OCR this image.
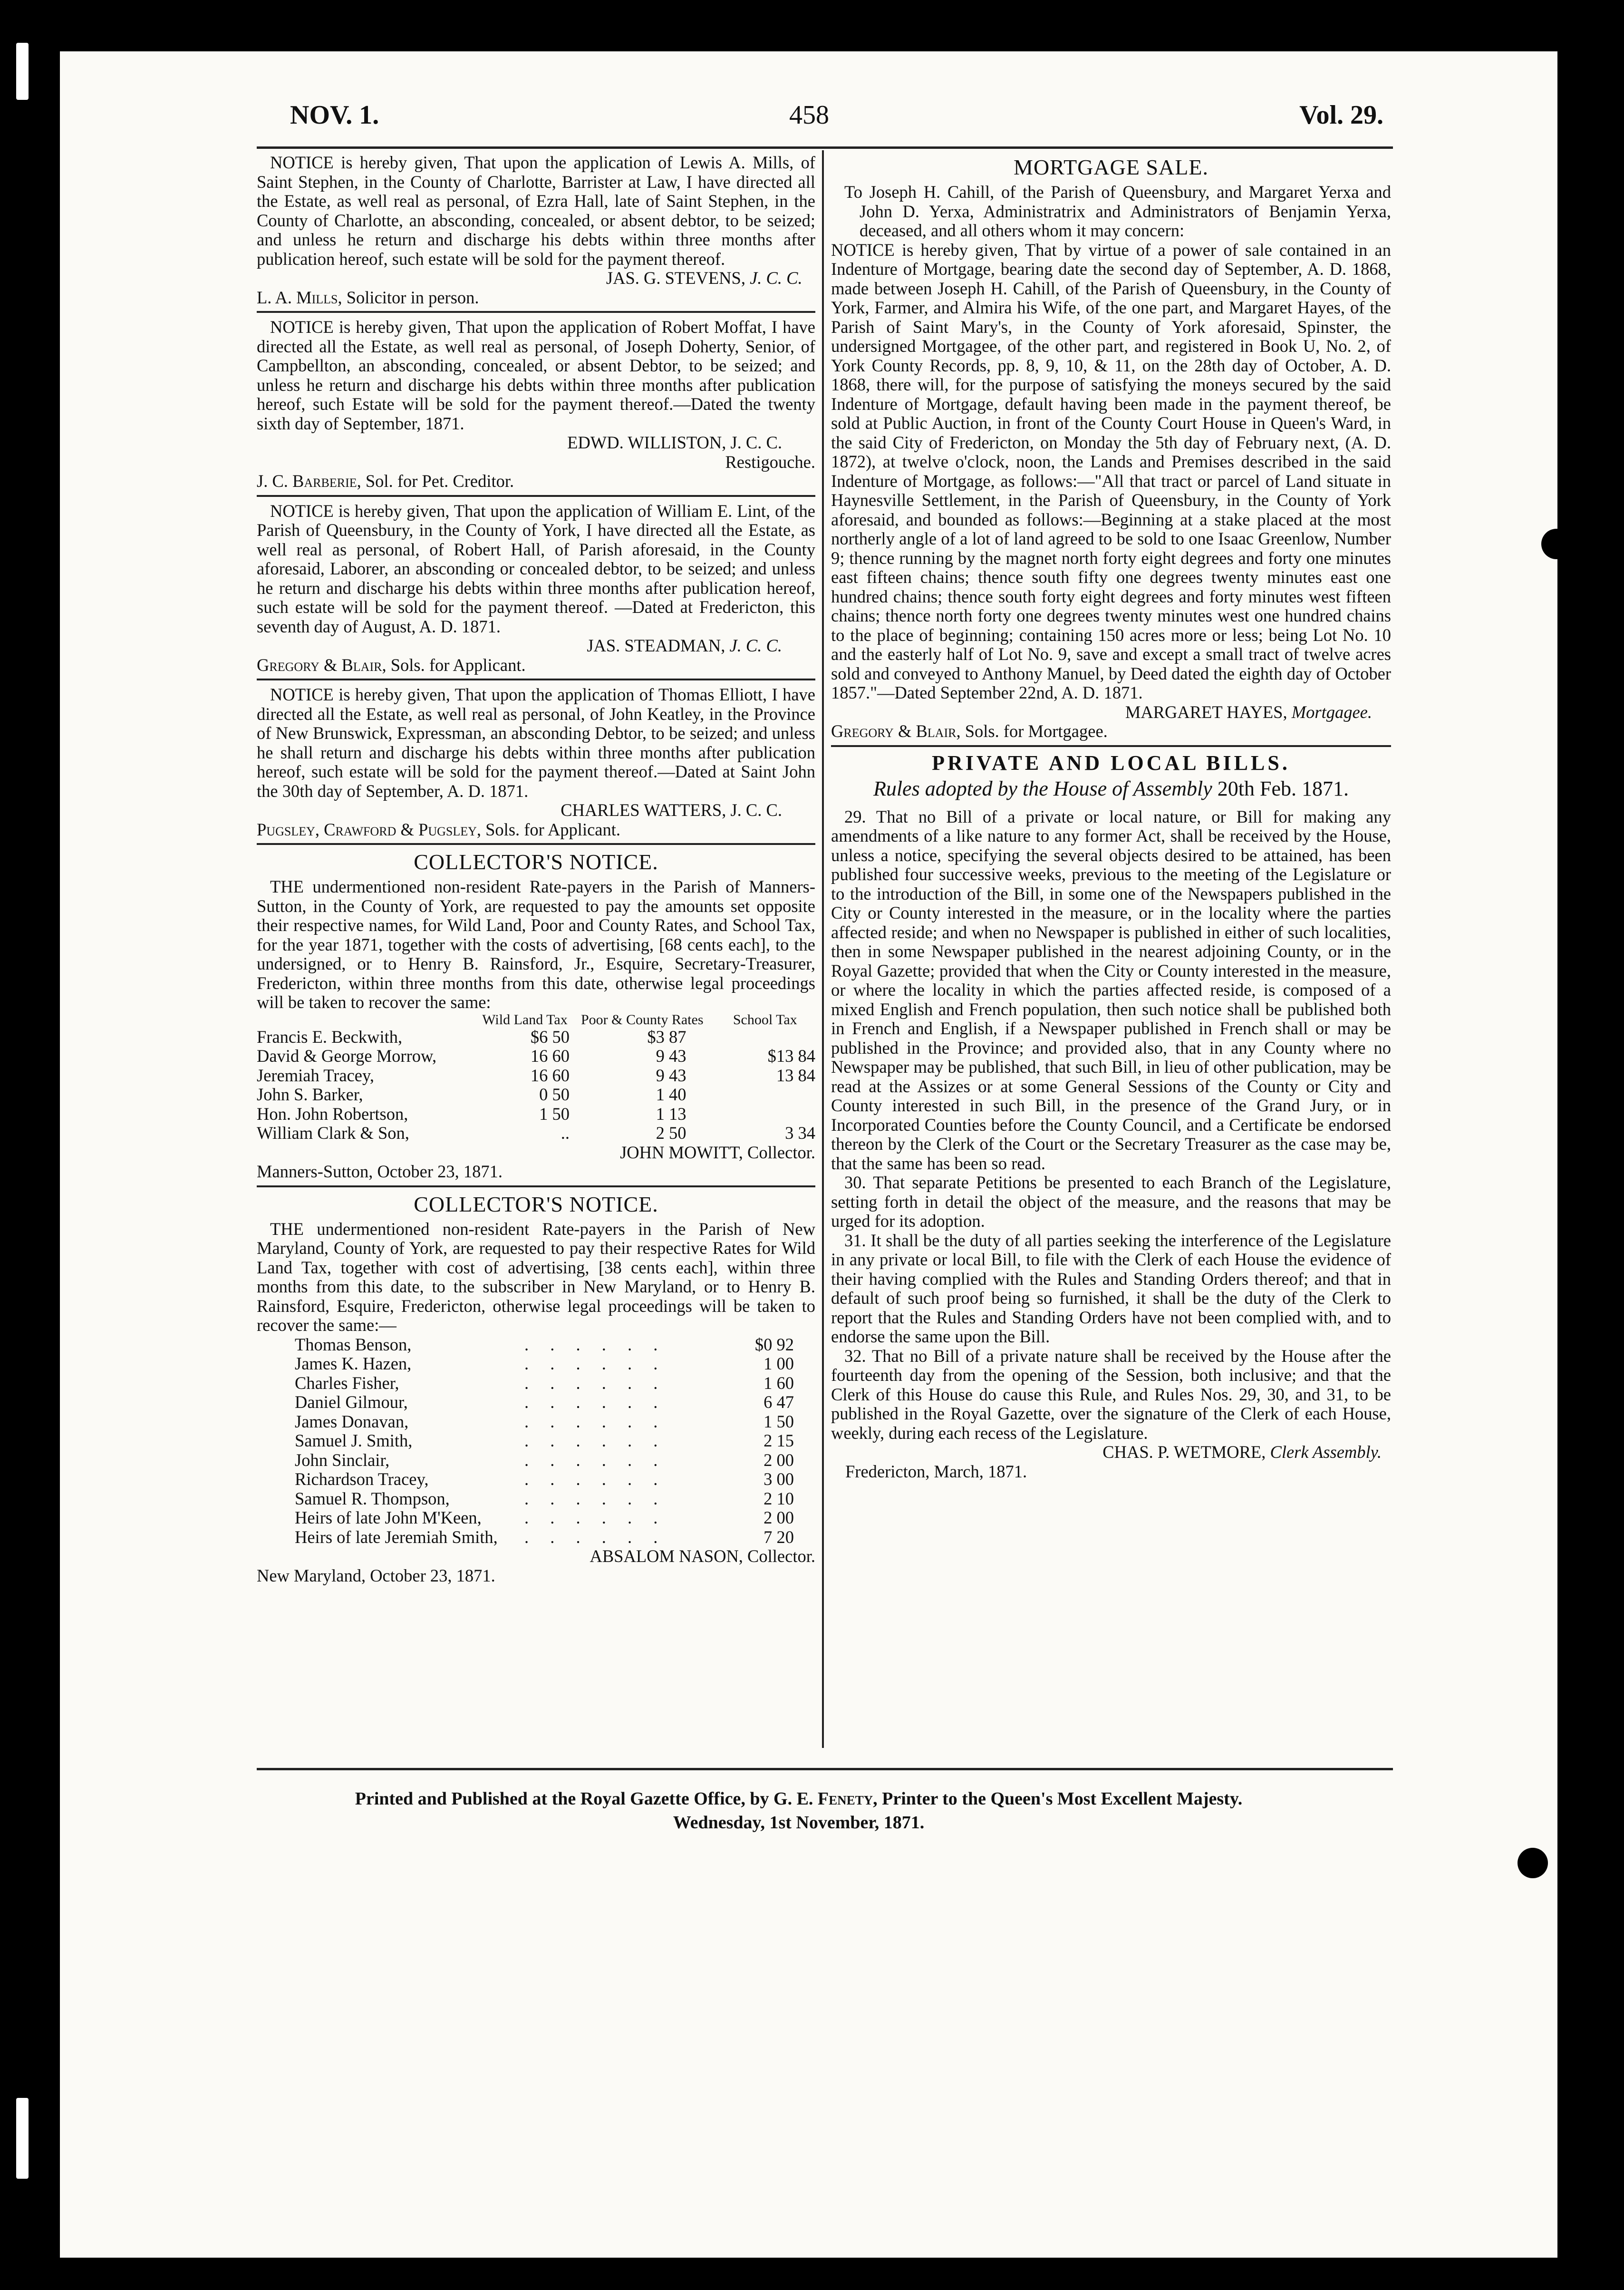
NOV. 1.	458	Vol. 29.

NOTICE is hereby given, That upon the application of Lewis A. Mills, of Saint Stephen, in the County of Charlotte, Barrister at Law, I have directed all the Estate, as well real as personal, of Ezra Hall, late of Saint Stephen, in the County of Charlotte, an absconding, concealed, or absent debtor, to be seized; and unless he return and discharge his debts within three months after publication hereof, such estate will be sold for the payment thereof.

JAS. G. STEVENS, J. C. C.

L. A. Mills, Solicitor in person.

NOTICE is hereby given, That upon the application of Robert Moffat, I have directed all the Estate, as well real as personal, of Joseph Doherty, Senior, of Campbellton, an absconding, concealed, or absent Debtor, to be seized; and unless he return and discharge his debts within three months after publication hereof, such Estate will be sold for the payment thereof.—Dated the twenty sixth day of September, 1871.

EDWD. WILLISTON, J. C. C.

Restigouche.

J. C. Barberie, Sol. for Pet. Creditor.

NOTICE is hereby given, That upon the application of William E. Lint, of the Parish of Queensbury, in the County of York, I have directed all the Estate, as well real as personal, of Robert Hall, of Parish aforesaid, in the County aforesaid, Laborer, an absconding or concealed debtor, to be seized; and unless he return and discharge his debts within three months after publication hereof, such estate will be sold for the payment thereof. —Dated at Fredericton, this seventh day of August, A. D. 1871.

JAS. STEADMAN, J. C. C.

Gregory & Blair, Sols. for Applicant.

NOTICE is hereby given, That upon the application of Thomas Elliott, I have directed all the Estate, as well real as personal, of John Keatley, in the Province of New Brunswick, Expressman, an absconding Debtor, to be seized; and unless he shall return and discharge his debts within three months after publication hereof, such estate will be sold for the payment thereof.—Dated at Saint John the 30th day of September, A. D. 1871.

CHARLES WATTERS, J. C. C.

Pugsley, Crawford & Pugsley, Sols. for Applicant.

COLLECTOR'S NOTICE.

THE undermentioned non-resident Rate-payers in the Parish of Manners-Sutton, in the County of York, are requested to pay the amounts set opposite their respective names, for Wild Land, Poor and County Rates, and School Tax, for the year 1871, together with the costs of advertising, [68 cents each], to the undersigned, or to Henry B. Rainsford, Jr., Esquire, Secretary-Treasurer, Fredericton, within three months from this date, otherwise legal proceedings will be taken to recover the same:

	Wild Land Tax	Poor & County Rates	School Tax
Francis E. Beckwith,	$6 50	$3 87	
David & George Morrow,	16 60	9 43	$13 84
Jeremiah Tracey,	16 60	9 43	13 84
John S. Barker,	0 50	1 40	
Hon. John Robertson,	1 50	1 13	
William Clark & Son,	..	2 50	3 34

JOHN MOWITT, Collector.

Manners-Sutton, October 23, 1871.

COLLECTOR'S NOTICE.

THE undermentioned non-resident Rate-payers in the Parish of New Maryland, County of York, are requested to pay their respective Rates for Wild Land Tax, together with cost of advertising, [38 cents each], within three months from this date, to the subscriber in New Maryland, or to Henry B. Rainsford, Esquire, Fredericton, otherwise legal proceedings will be taken to recover the same:—

Thomas Benson,	. . . . . .	$0 92
James K. Hazen,	. . . . . .	1 00
Charles Fisher,	. . . . . .	1 60
Daniel Gilmour,	. . . . . .	6 47
James Donavan,	. . . . . .	1 50
Samuel J. Smith,	. . . . . .	2 15
John Sinclair,	. . . . . .	2 00
Richardson Tracey,	. . . . . .	3 00
Samuel R. Thompson,	. . . . . .	2 10
Heirs of late John M'Keen,	. . . . . .	2 00
Heirs of late Jeremiah Smith,	. . . . . .	7 20

ABSALOM NASON, Collector.

New Maryland, October 23, 1871.

MORTGAGE SALE.

To Joseph H. Cahill, of the Parish of Queensbury, and Margaret Yerxa and John D. Yerxa, Administratrix and Administrators of Benjamin Yerxa, deceased, and all others whom it may concern:

NOTICE is hereby given, That by virtue of a power of sale contained in an Indenture of Mortgage, bearing date the second day of September, A. D. 1868, made between Joseph H. Cahill, of the Parish of Queensbury, in the County of York, Farmer, and Almira his Wife, of the one part, and Margaret Hayes, of the Parish of Saint Mary's, in the County of York aforesaid, Spinster, the undersigned Mortgagee, of the other part, and registered in Book U, No. 2, of York County Records, pp. 8, 9, 10, & 11, on the 28th day of October, A. D. 1868, there will, for the purpose of satisfying the moneys secured by the said Indenture of Mortgage, default having been made in the payment thereof, be sold at Public Auction, in front of the County Court House in Queen's Ward, in the said City of Fredericton, on Monday the 5th day of February next, (A. D. 1872), at twelve o'clock, noon, the Lands and Premises described in the said Indenture of Mortgage, as follows:—"All that tract or parcel of Land situate in Haynesville Settlement, in the Parish of Queensbury, in the County of York aforesaid, and bounded as follows:—Beginning at a stake placed at the most northerly angle of a lot of land agreed to be sold to one Isaac Greenlow, Number 9; thence running by the magnet north forty eight degrees and forty one minutes east fifteen chains; thence south fifty one degrees twenty minutes east one hundred chains; thence south forty eight degrees and forty minutes west fifteen chains; thence north forty one degrees twenty minutes west one hundred chains to the place of beginning; containing 150 acres more or less; being Lot No. 10 and the easterly half of Lot No. 9, save and except a small tract of twelve acres sold and conveyed to Anthony Manuel, by Deed dated the eighth day of October 1857."—Dated September 22nd, A. D. 1871.

MARGARET HAYES, Mortgagee.

Gregory & Blair, Sols. for Mortgagee.

PRIVATE AND LOCAL BILLS.
Rules adopted by the House of Assembly 20th Feb. 1871.

29. That no Bill of a private or local nature, or Bill for making any amendments of a like nature to any former Act, shall be received by the House, unless a notice, specifying the several objects desired to be attained, has been published four successive weeks, previous to the meeting of the Legislature or to the introduction of the Bill, in some one of the Newspapers published in the City or County interested in the measure, or in the locality where the parties affected reside; and when no Newspaper is published in either of such localities, then in some Newspaper published in the nearest adjoining County, or in the Royal Gazette; provided that when the City or County interested in the measure, or where the locality in which the parties affected reside, is composed of a mixed English and French population, then such notice shall be published both in French and English, if a Newspaper published in French shall or may be published in the Province; and provided also, that in any County where no Newspaper may be published, that such Bill, in lieu of other publication, may be read at the Assizes or at some General Sessions of the County or City and County interested in such Bill, in the presence of the Grand Jury, or in Incorporated Counties before the County Council, and a Certificate be endorsed thereon by the Clerk of the Court or the Secretary Treasurer as the case may be, that the same has been so read.

30. That separate Petitions be presented to each Branch of the Legislature, setting forth in detail the object of the measure, and the reasons that may be urged for its adoption.

31. It shall be the duty of all parties seeking the interference of the Legislature in any private or local Bill, to file with the Clerk of each House the evidence of their having complied with the Rules and Standing Orders thereof; and that in default of such proof being so furnished, it shall be the duty of the Clerk to report that the Rules and Standing Orders have not been complied with, and to endorse the same upon the Bill.

32. That no Bill of a private nature shall be received by the House after the fourteenth day from the opening of the Session, both inclusive; and that the Clerk of this House do cause this Rule, and Rules Nos. 29, 30, and 31, to be published in the Royal Gazette, over the signature of the Clerk of each House, weekly, during each recess of the Legislature.

CHAS. P. WETMORE, Clerk Assembly.

Fredericton, March, 1871.

Printed and Published at the Royal Gazette Office, by G. E. Fenety, Printer to the Queen's Most Excellent Majesty.
Wednesday, 1st November, 1871.
